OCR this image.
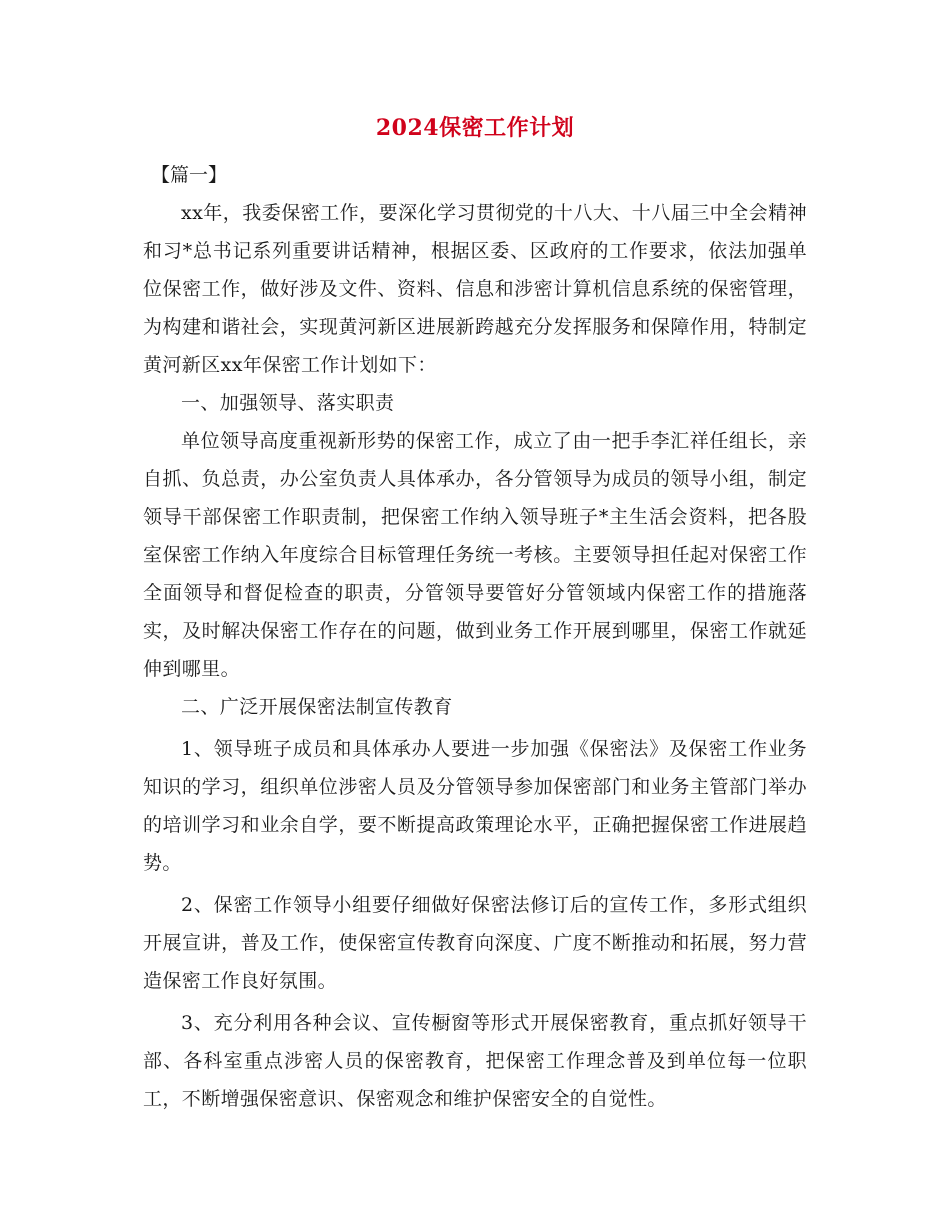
2024保密工作计划

【篇一】

xx年，我委保密工作，要深化学习贯彻党的十八大、十八届三中全会精神和习*总书记系列重要讲话精神，根据区委、区政府的工作要求，依法加强单位保密工作，做好涉及文件、资料、信息和涉密计算机信息系统的保密管理，为构建和谐社会，实现黄河新区进展新跨越充分发挥服务和保障作用，特制定黄河新区xx年保密工作计划如下：

一、加强领导、落实职责

单位领导高度重视新形势的保密工作，成立了由一把手李汇祥任组长，亲自抓、负总责，办公室负责人具体承办，各分管领导为成员的领导小组，制定领导干部保密工作职责制，把保密工作纳入领导班子*主生活会资料，把各股室保密工作纳入年度综合目标管理任务统一考核。主要领导担任起对保密工作全面领导和督促检查的职责，分管领导要管好分管领域内保密工作的措施落实，及时解决保密工作存在的问题，做到业务工作开展到哪里，保密工作就延伸到哪里。

二、广泛开展保密法制宣传教育

1、领导班子成员和具体承办人要进一步加强《保密法》及保密工作业务知识的学习，组织单位涉密人员及分管领导参加保密部门和业务主管部门举办的培训学习和业余自学，要不断提高政策理论水平，正确把握保密工作进展趋势。

2、保密工作领导小组要仔细做好保密法修订后的宣传工作，多形式组织开展宣讲，普及工作，使保密宣传教育向深度、广度不断推动和拓展，努力营造保密工作良好氛围。

3、充分利用各种会议、宣传橱窗等形式开展保密教育，重点抓好领导干部、各科室重点涉密人员的保密教育，把保密工作理念普及到单位每一位职工，不断增强保密意识、保密观念和维护保密安全的自觉性。
